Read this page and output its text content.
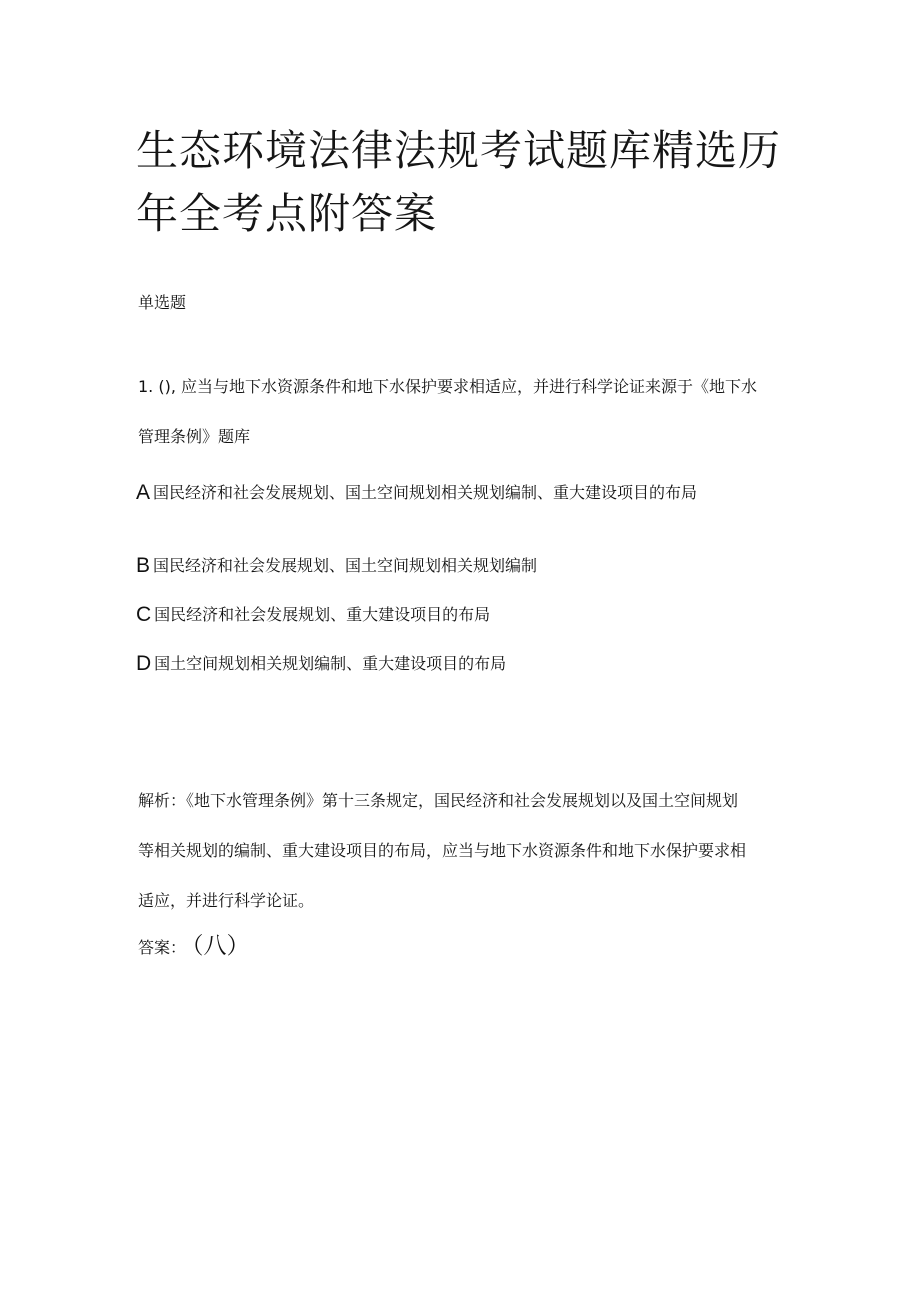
生态环境法律法规考试题库精选历
年全考点附答案
单选题
1. (), 应当与地下水资源条件和地下水保护要求相适应，并进行科学论证来源于《地下水
管理条例》题库
A 国民经济和社会发展规划、国土空间规划相关规划编制、重大建设项目的布局
B 国民经济和社会发展规划、国土空间规划相关规划编制
C 国民经济和社会发展规划、重大建设项目的布局
D 国土空间规划相关规划编制、重大建设项目的布局
解析：《地下水管理条例》第十三条规定，国民经济和社会发展规划以及国土空间规划
等相关规划的编制、重大建设项目的布局，应当与地下水资源条件和地下水保护要求相
适应，并进行科学论证。
答案： （八）
